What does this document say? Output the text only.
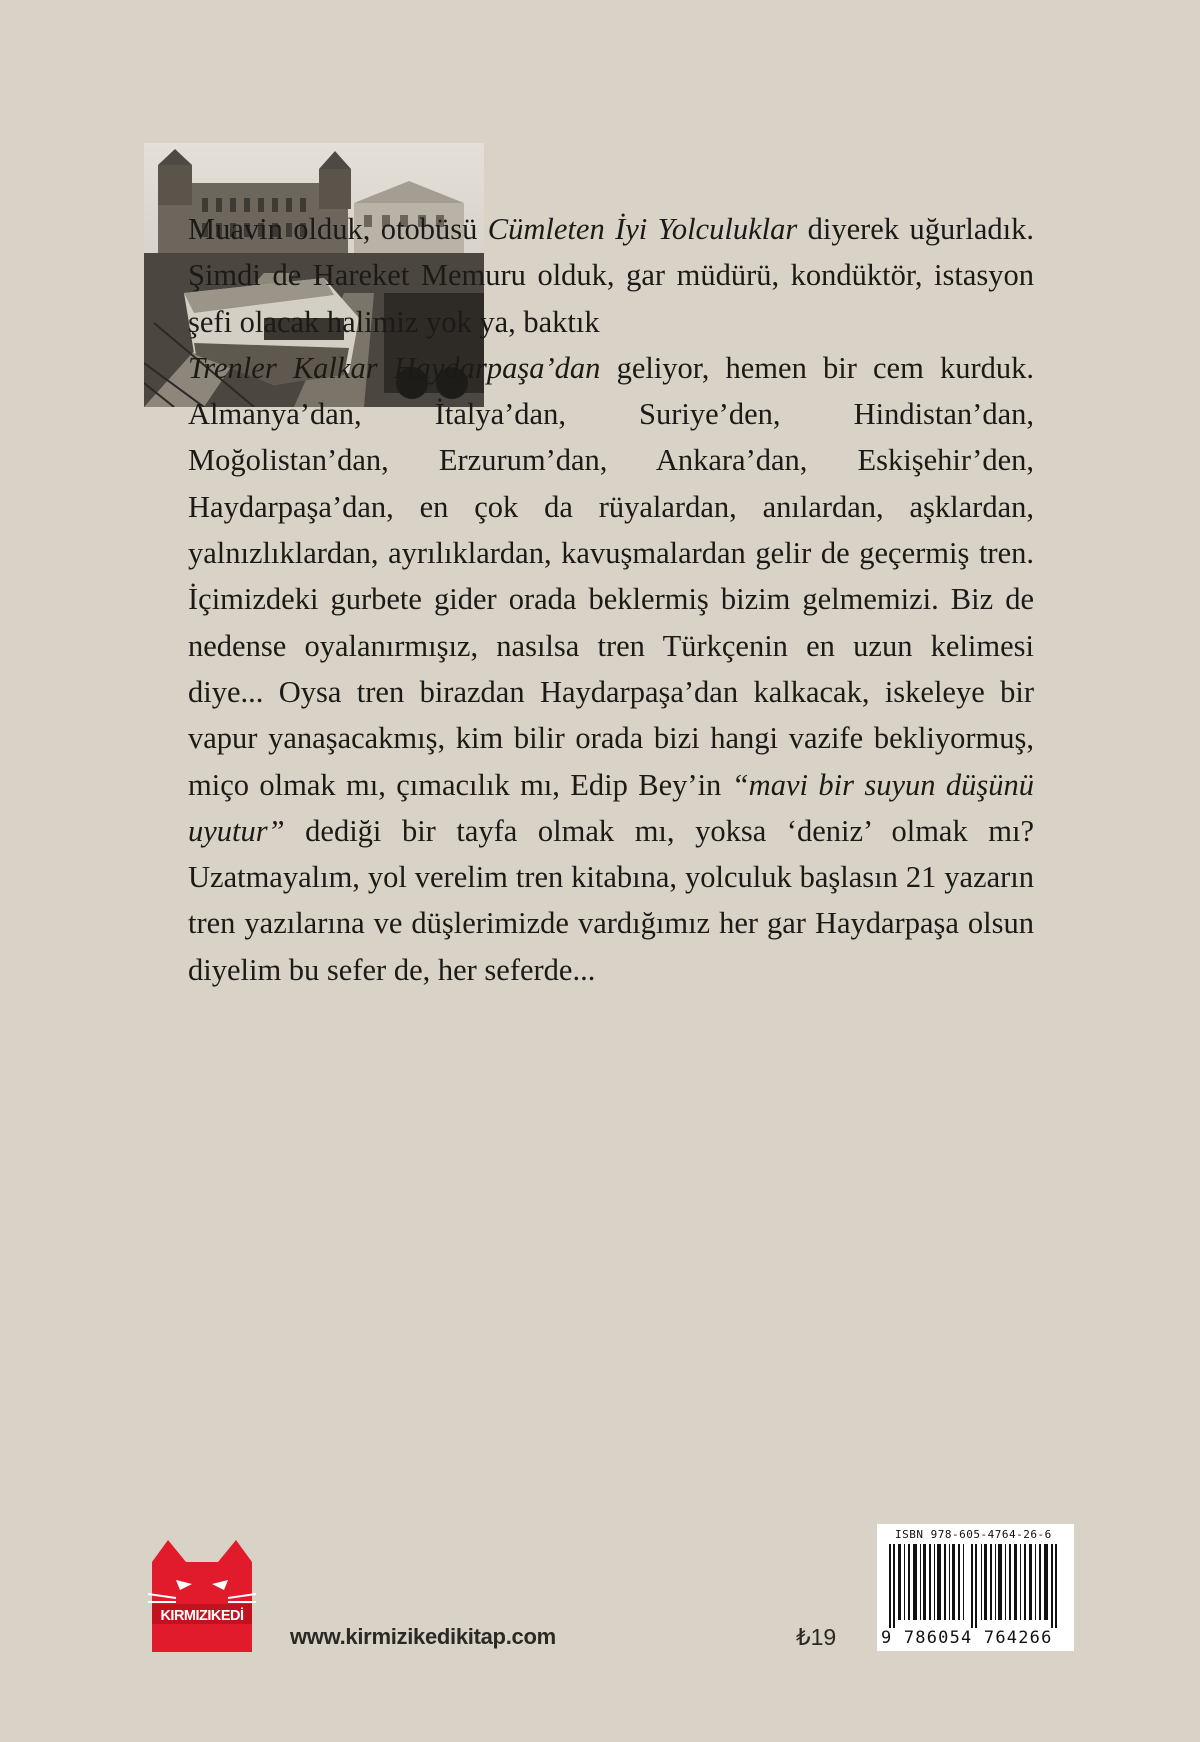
Muavin olduk, otobüsü Cümleten İyi Yolculuklar diyerek uğurladık. Şimdi de Hareket Memuru olduk, gar müdürü, kondüktör, istasyon şefi olacak halimiz yok ya, baktık

Trenler Kalkar Haydarpaşa’dan geliyor, hemen bir cem kurduk. Almanya’dan, İtalya’dan, Suriye’den, Hindistan’dan, Moğolistan’dan, Erzurum’dan, Ankara’dan, Eskişehir’den, Haydarpaşa’dan, en çok da rüyalardan, anılardan, aşklardan, yalnızlıklardan, ayrılıklardan, kavuşmalardan gelir de geçermiş tren. İçimizdeki gurbete gider orada beklermiş bizim gelmemizi. Biz de nedense oyalanırmışız, nasılsa tren Türkçenin en uzun kelimesi diye... Oysa tren birazdan Haydarpaşa’dan kalkacak, iskeleye bir vapur yanaşacakmış, kim bilir orada bizi hangi vazife bekliyormuş, miço olmak mı, çımacılık mı, Edip Bey’in “mavi bir suyun düşünü uyutur” dediği bir tayfa olmak mı, yoksa ‘deniz’ olmak mı? Uzatmayalım, yol verelim tren kitabına, yolculuk başlasın 21 yazarın tren yazılarına ve düşlerimizde vardığımız her gar Haydarpaşa olsun diyelim bu sefer de, her seferde...

KIRMIZIKEDİ
www.kirmizikedikitap.com	₺19
ISBN 978-605-4764-26-6
9 786054 764266
